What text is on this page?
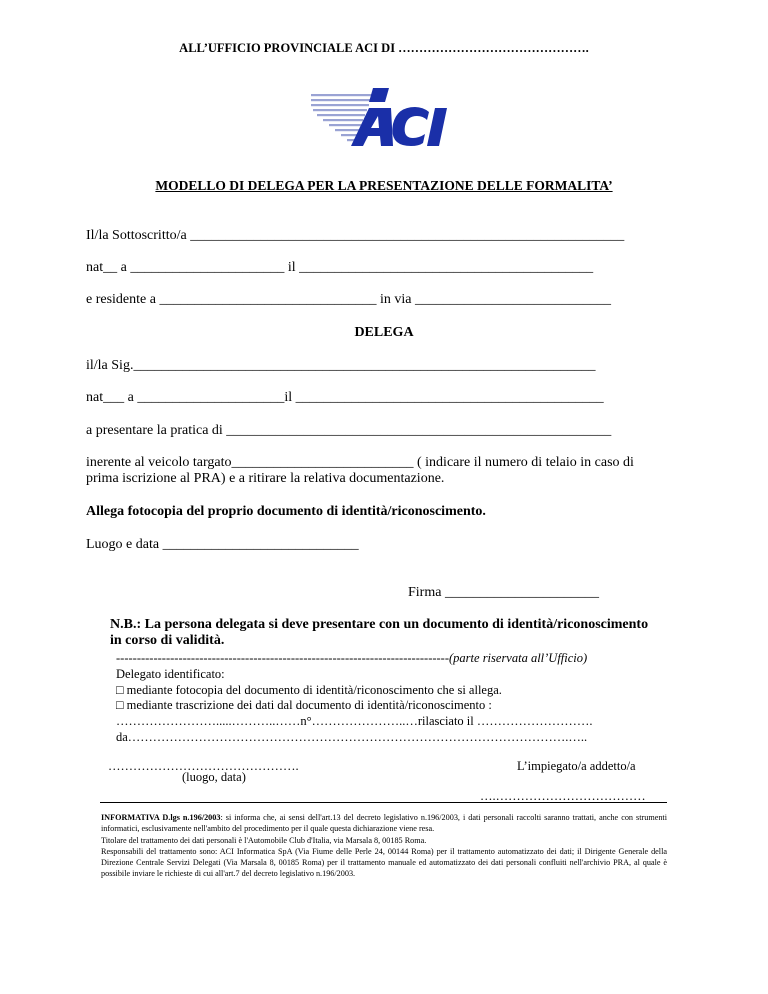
ALL’UFFICIO PROVINCIALE ACI DI ……………………………………….
MODELLO DI DELEGA PER LA PRESENTAZIONE DELLE FORMALITA’
Il/la Sottoscritto/a ______________________________________________________________
nat__ a ______________________ il __________________________________________
e residente a _______________________________ in via ____________________________
DELEGA
il/la Sig.__________________________________________________________________
nat___ a _____________________il ____________________________________________
a presentare la pratica di _______________________________________________________
inerente al veicolo targato__________________________ ( indicare il numero di telaio in caso di
prima iscrizione al PRA) e a ritirare la relativa documentazione.
Allega fotocopia del proprio documento di identità/riconoscimento.
Luogo e data ____________________________
Firma ______________________
N.B.: La persona delegata si deve presentare con un documento di identità/riconoscimento
in corso di validità.
--------------------------------------------------------------------------------(parte riservata all’Ufficio)
Delegato identificato:
□ mediante fotocopia del documento di identità/riconoscimento che si allega.
□ mediante trascrizione dei dati dal documento di identità/riconoscimento :
…………………….....………..……n°…………………..…rilasciato il ……………………….
da…………………………………………………………………………………………….…..
……………………………………….
(luogo, data)
L’impiegato/a addetto/a
….………………………………

INFORMATIVA D.lgs n.196/2003: si informa che, ai sensi dell'art.13 del decreto legislativo n.196/2003, i dati personali raccolti saranno trattati, anche con strumenti informatici, esclusivamente nell'ambito del procedimento per il quale questa dichiarazione viene resa.

Titolare del trattamento dei dati personali è l'Automobile Club d'Italia, via Marsala 8, 00185 Roma.

Responsabili del trattamento sono: ACI Informatica SpA (Via Fiume delle Perle 24, 00144 Roma) per il trattamento automatizzato dei dati; il Dirigente Generale della Direzione Centrale Servizi Delegati (Via Marsala 8, 00185 Roma) per il trattamento manuale ed automatizzato dei dati personali confluiti nell'archivio PRA, al quale è possibile inviare le richieste di cui all'art.7 del decreto legislativo n.196/2003.
